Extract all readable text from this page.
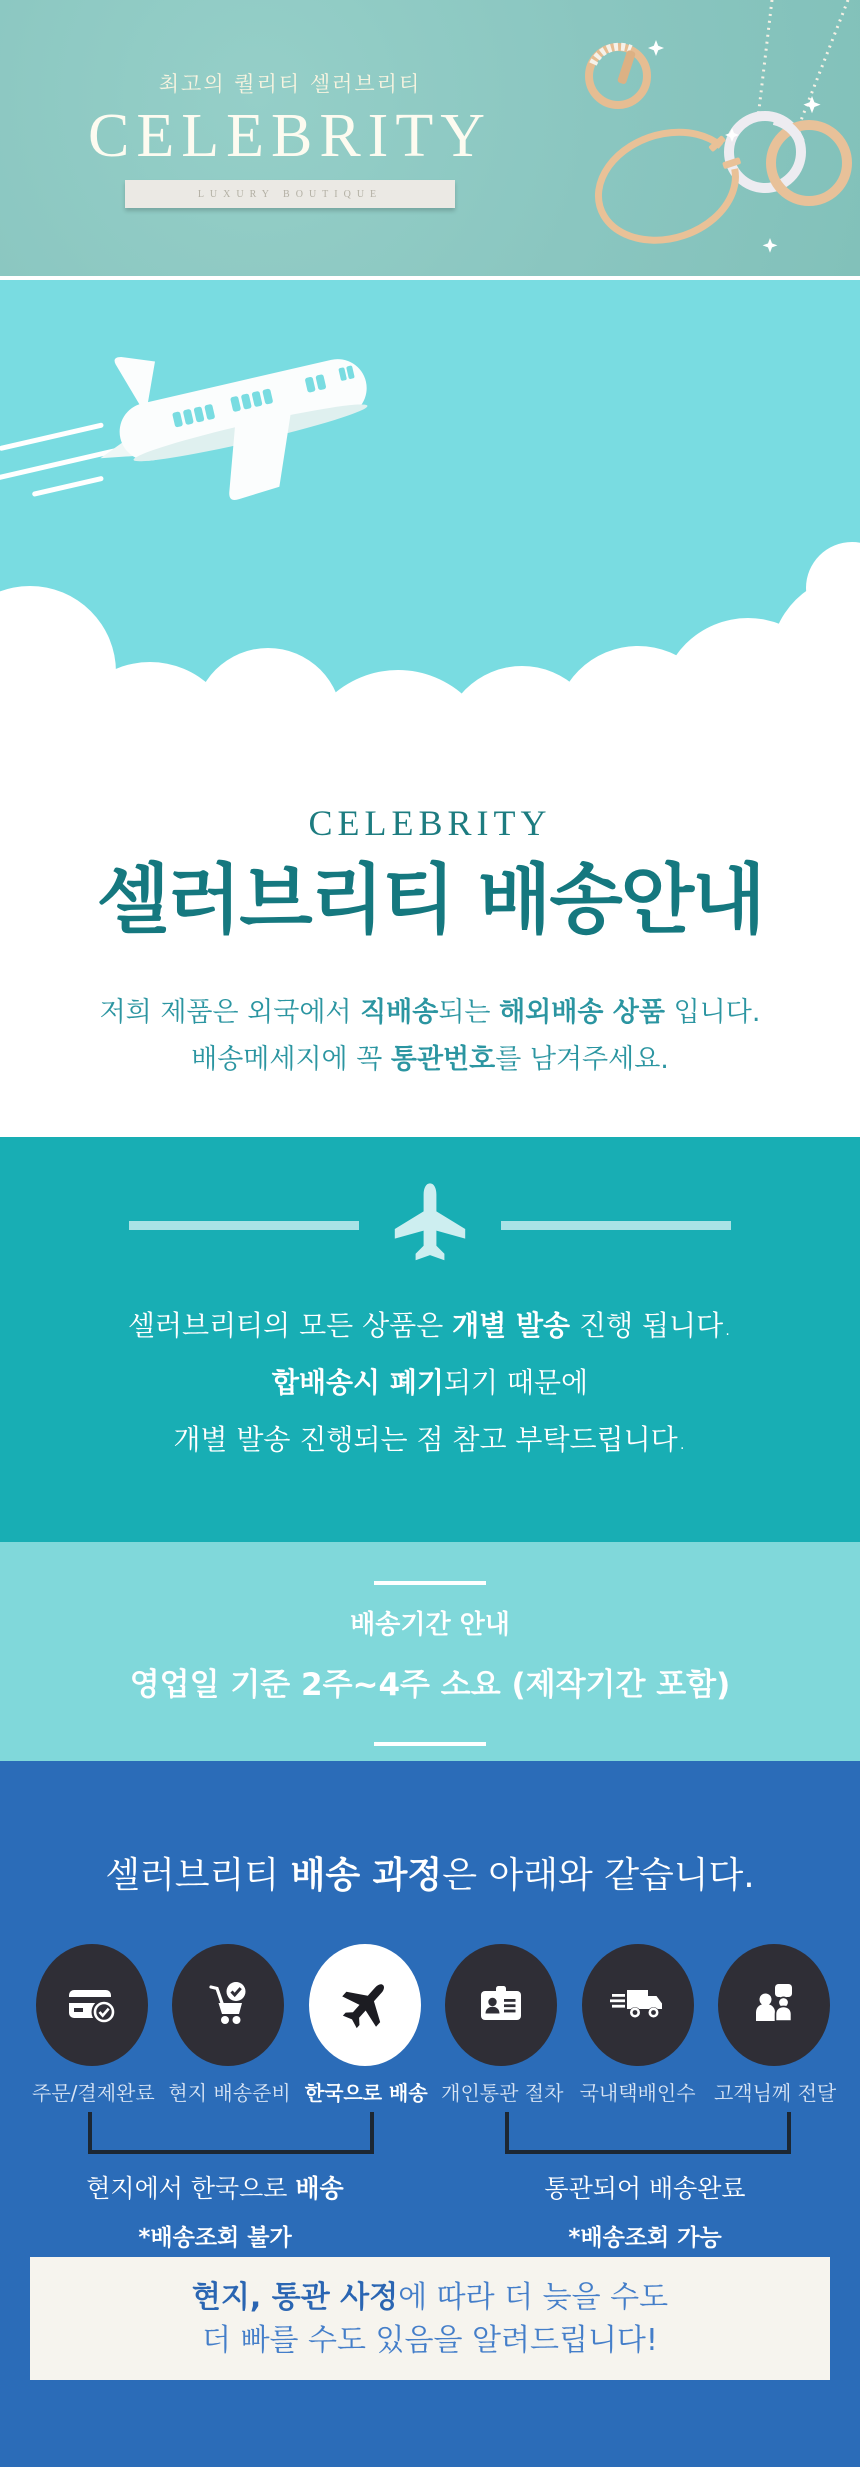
최고의 퀄리티 셀러브리티
CELEBRITY
LUXURY BOUTIQUE
CELEBRITY
셀러브리티 배송안내

저희 제품은 외국에서 직배송되는 해외배송 상품 입니다.

배송메세지에 꼭 통관번호를 남겨주세요.

셀러브리티의 모든 상품은 개별 발송 진행 됩니다.

합배송시 폐기되기 때문에

개별 발송 진행되는 점 참고 부탁드립니다.

배송기간 안내

영업일 기준 2주~4주 소요 (제작기간 포함)

셀러브리티 배송 과정은 아래와 같습니다.
주문/결제완료 현지 배송준비 한국으로 배송 개인통관 절차 국내택배인수 고객님께 전달
현지에서 한국으로 배송
*배송조회 불가
통관되어 배송완료
*배송조회 가능

현지, 통관 사정에 따라 더 늦을 수도

더 빠를 수도 있음을 알려드립니다!
